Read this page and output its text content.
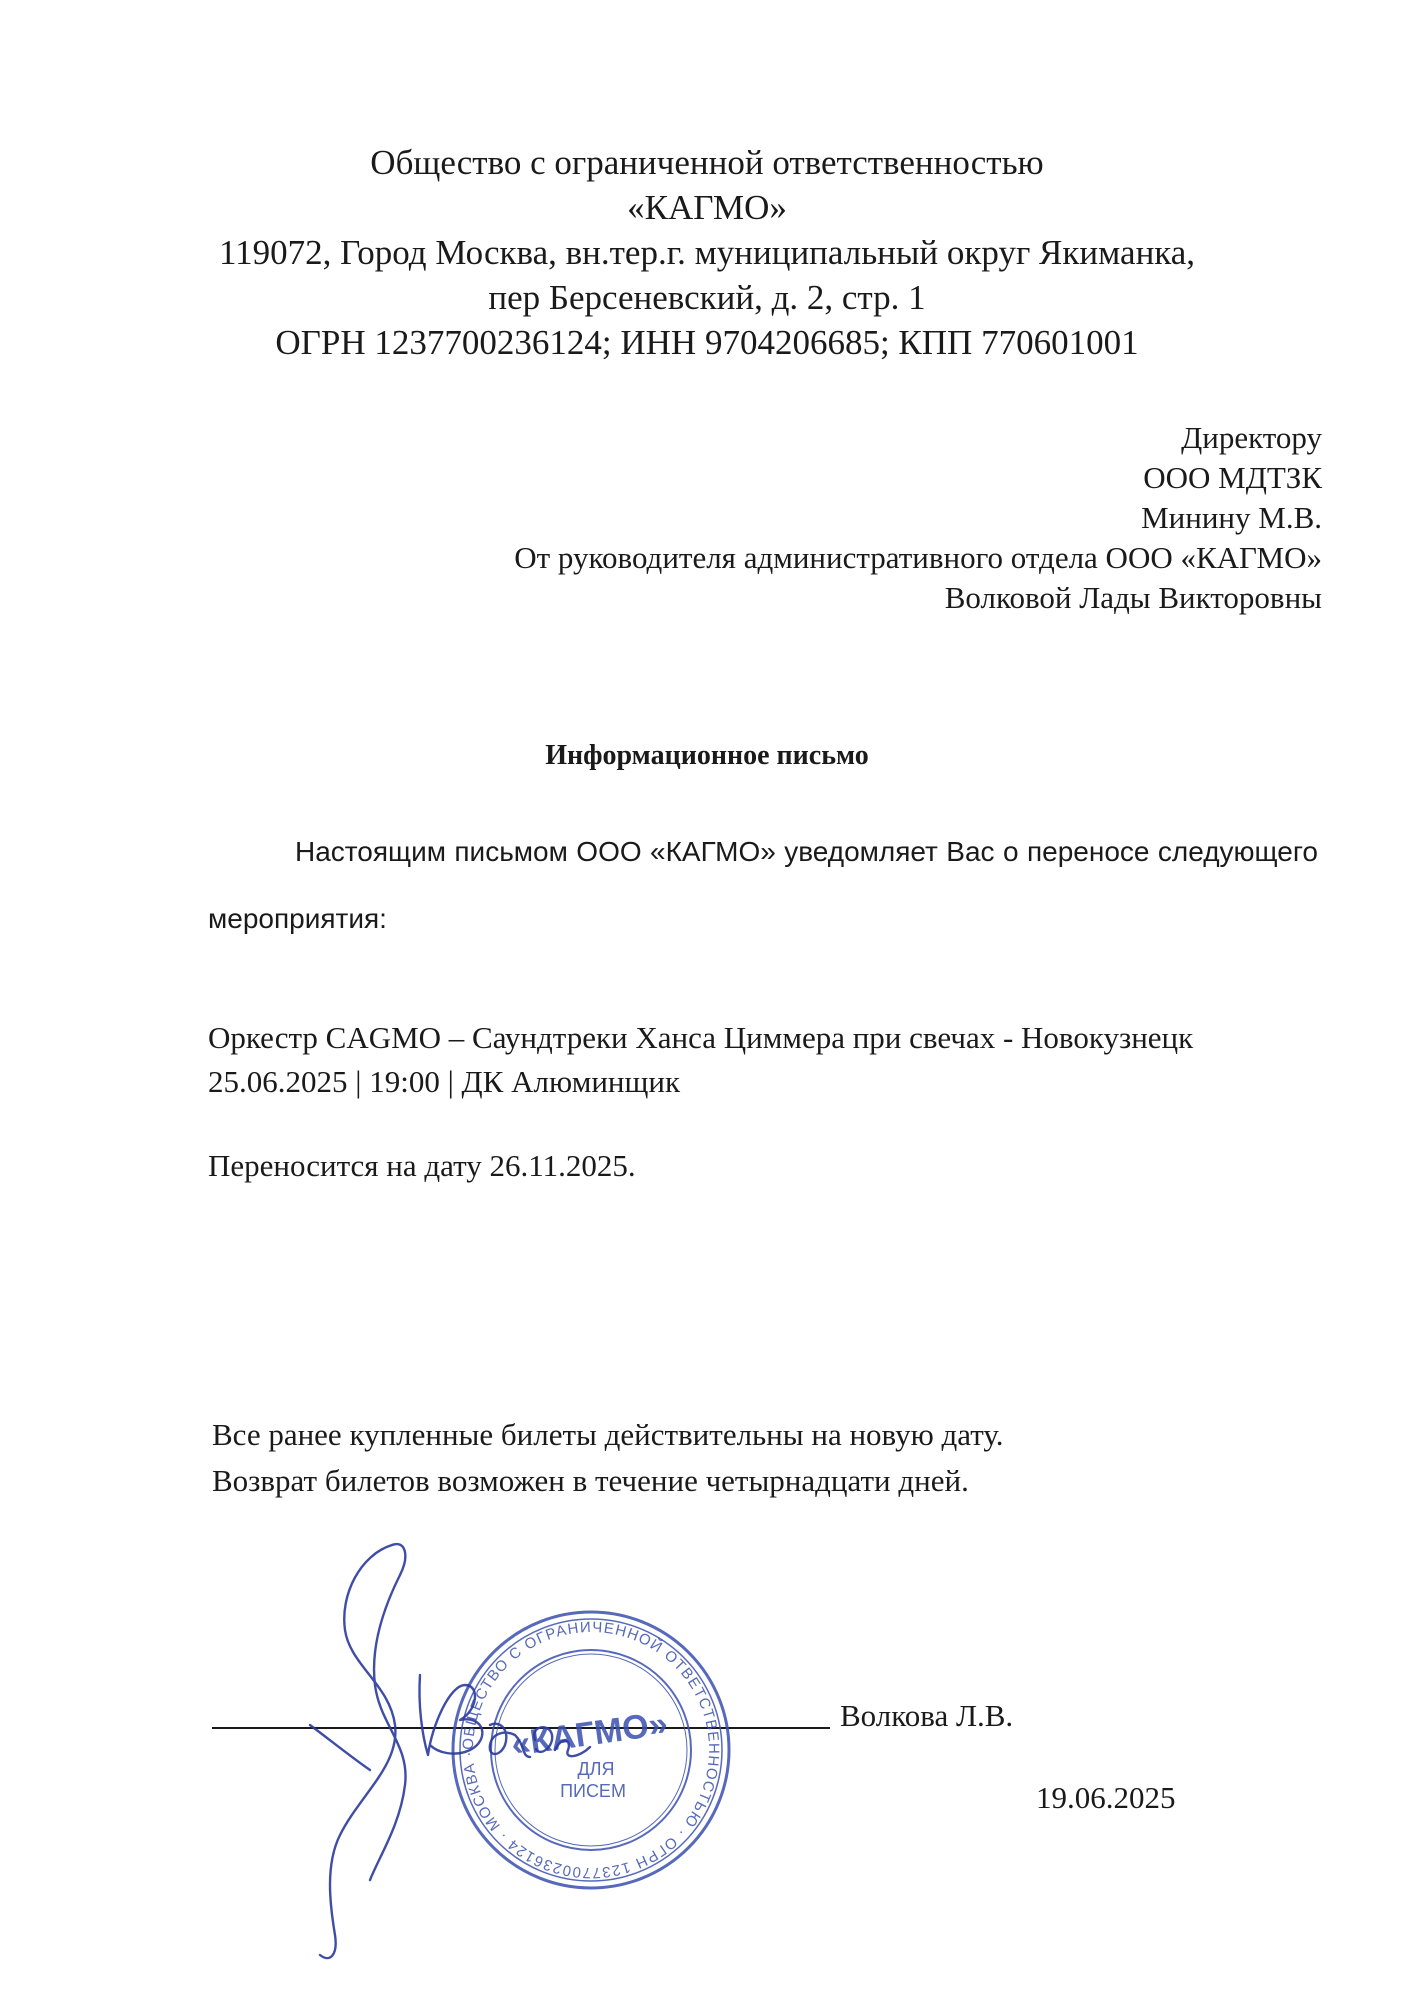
Общество с ограниченной ответственностью
«КАГМО»
119072, Город Москва, вн.тер.г. муниципальный округ Якиманка,
пер Берсеневский, д. 2, стр. 1
ОГРН 1237700236124; ИНН 9704206685; КПП 770601001
Директору
ООО МДТЗК
Минину М.В.
От руководителя административного отдела ООО «КАГМО»
Волковой Лады Викторовны
Информационное письмо
Настоящим письмом ООО «КАГМО» уведомляет Вас о переносе следующего мероприятия:
Оркестр CAGMO – Саундтреки Ханса Циммера при свечах - Новокузнецк
25.06.2025 | 19:00 | ДК Алюминщик
Переносится на дату 26.11.2025.
Все ранее купленные билеты действительны на новую дату.
Возврат билетов возможен в течение четырнадцати дней.
Волкова Л.В.
19.06.2025
ОБЩЕСТВО С ОГРАНИЧЕННОЙ ОТВЕТСТВЕННОСТЬЮ · ОГРН 1237700236124 · МОСКВА · «КАГМО»
ДЛЯ
ПИСЕМ
